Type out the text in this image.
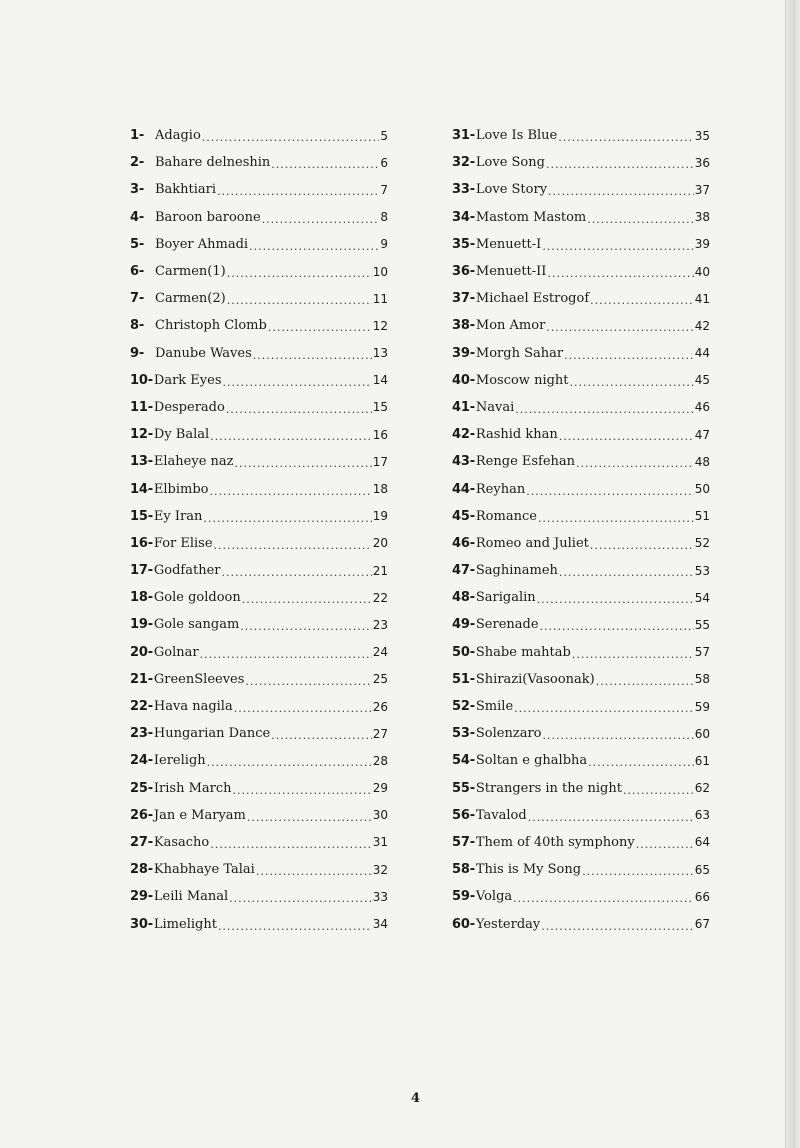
1- Adagio .....	5
2- Bahare delneshin .....	6
3- Bakhtiari .....	7
4- Baroon baroone .....	8
5- Boyer Ahmadi .....	9
6- Carmen(1) .....	10
7- Carmen(2) .....	11
8- Christoph Clomb .....	12
9- Danube Waves .....	13
10- Dark Eyes .....	14
11- Desperado .....	15
12- Dy Balal .....	16
13- Elaheye naz .....	17
14- Elbimbo .....	18
15- Ey Iran .....	19
16- For Elise .....	20
17- Godfather .....	21
18- Gole goldoon .....	22
19- Gole sangam .....	23
20- Golnar .....	24
21- GreenSleeves .....	25
22- Hava nagila .....	26
23- Hungarian Dance .....	27
24- Iereligh .....	28
25- Irish March .....	29
26- Jan e Maryam .....	30
27- Kasacho .....	31
28- Khabhaye Talai .....	32
29- Leili Manal .....	33
30- Limelight .....	34
31- Love Is Blue .....	35
32- Love Song .....	36
33- Love Story .....	37
34- Mastom Mastom .....	38
35- Menuett-I .....	39
36- Menuett-II .....	40
37- Michael Estrogof .....	41
38- Mon Amor .....	42
39- Morgh Sahar .....	44
40- Moscow night .....	45
41- Navai .....	46
42- Rashid khan .....	47
43- Renge Esfehan .....	48
44- Reyhan .....	50
45- Romance .....	51
46- Romeo and Juliet .....	52
47- Saghinameh .....	53
48- Sarigalin .....	54
49- Serenade .....	55
50- Shabe mahtab .....	57
51- Shirazi(Vasoonak) .....	58
52- Smile .....	59
53- Solenzaro .....	60
54- Soltan e ghalbha .....	61
55- Strangers in the night .....	62
56- Tavalod .....	63
57- Them of 40th symphony .....	64
58- This is My Song .....	65
59- Volga .....	66
60- Yesterday .....	67
4
